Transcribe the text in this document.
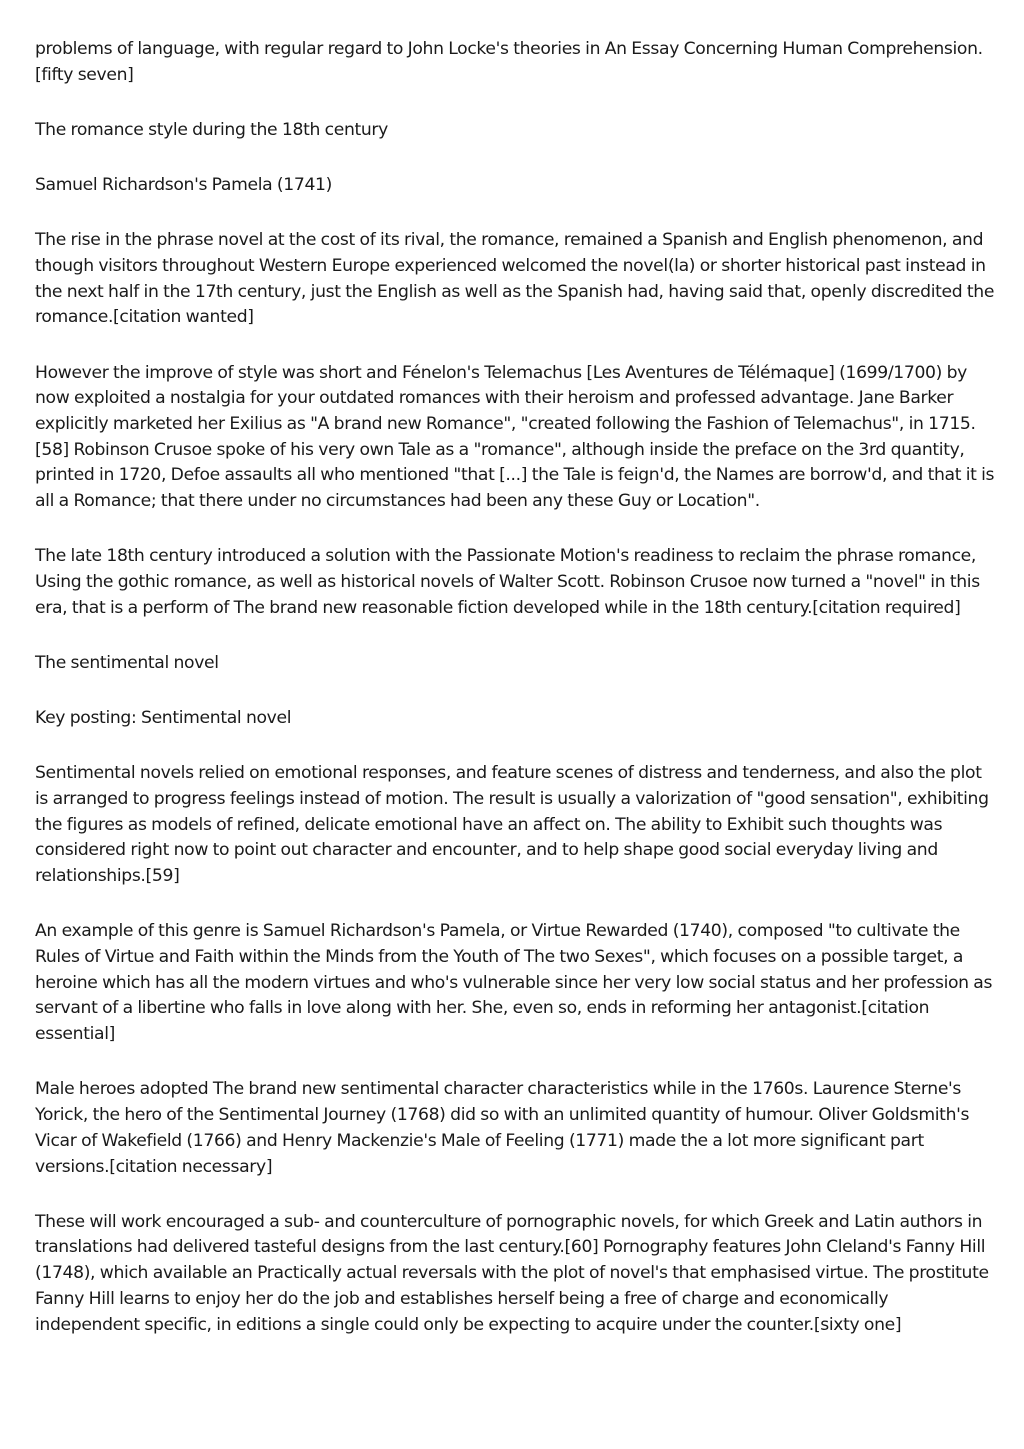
problems of language, with regular regard to John Locke's theories in An Essay Concerning Human Comprehension.[fifty seven]

The romance style during the 18th century

Samuel Richardson's Pamela (1741)

The rise in the phrase novel at the cost of its rival, the romance, remained a Spanish and English phenomenon, and though visitors throughout Western Europe experienced welcomed the novel(la) or shorter historical past instead in the next half in the 17th century, just the English as well as the Spanish had, having said that, openly discredited the romance.[citation wanted]

However the improve of style was short and Fénelon's Telemachus [Les Aventures de Télémaque] (1699/1700) by now exploited a nostalgia for your outdated romances with their heroism and professed advantage. Jane Barker explicitly marketed her Exilius as "A brand new Romance", "created following the Fashion of Telemachus", in 1715.[58] Robinson Crusoe spoke of his very own Tale as a "romance", although inside the preface on the 3rd quantity, printed in 1720, Defoe assaults all who mentioned "that [...] the Tale is feign'd, the Names are borrow'd, and that it is all a Romance; that there under no circumstances had been any these Guy or Location".

The late 18th century introduced a solution with the Passionate Motion's readiness to reclaim the phrase romance, Using the gothic romance, as well as historical novels of Walter Scott. Robinson Crusoe now turned a "novel" in this era, that is a perform of The brand new reasonable fiction developed while in the 18th century.[citation required]

The sentimental novel

Key posting: Sentimental novel

Sentimental novels relied on emotional responses, and feature scenes of distress and tenderness, and also the plot is arranged to progress feelings instead of motion. The result is usually a valorization of "good sensation", exhibiting the figures as models of refined, delicate emotional have an affect on. The ability to Exhibit such thoughts was considered right now to point out character and encounter, and to help shape good social everyday living and relationships.[59]

An example of this genre is Samuel Richardson's Pamela, or Virtue Rewarded (1740), composed "to cultivate the Rules of Virtue and Faith within the Minds from the Youth of The two Sexes", which focuses on a possible target, a heroine which has all the modern virtues and who's vulnerable since her very low social status and her profession as servant of a libertine who falls in love along with her. She, even so, ends in reforming her antagonist.[citation essential]

Male heroes adopted The brand new sentimental character characteristics while in the 1760s. Laurence Sterne's Yorick, the hero of the Sentimental Journey (1768) did so with an unlimited quantity of humour. Oliver Goldsmith's Vicar of Wakefield (1766) and Henry Mackenzie's Male of Feeling (1771) made the a lot more significant part versions.[citation necessary]

These will work encouraged a sub- and counterculture of pornographic novels, for which Greek and Latin authors in translations had delivered tasteful designs from the last century.[60] Pornography features John Cleland's Fanny Hill (1748), which available an Practically actual reversals with the plot of novel's that emphasised virtue. The prostitute Fanny Hill learns to enjoy her do the job and establishes herself being a free of charge and economically independent specific, in editions a single could only be expecting to acquire under the counter.[sixty one]
